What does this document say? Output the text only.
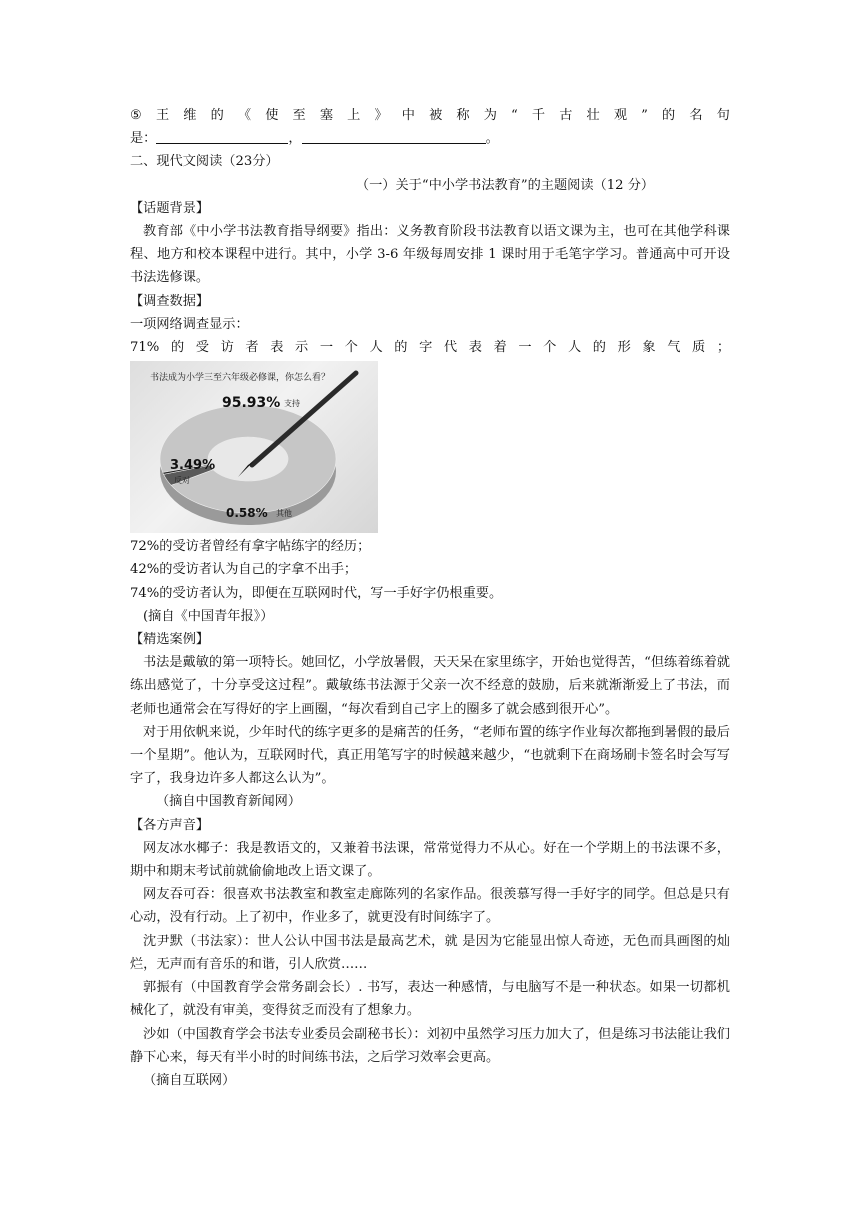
⑤ 王 维 的 《 使 至 塞 上 》 中 被 称 为 “ 千 古 壮 观 ” 的 名 句
是：	，	。
二、现代文阅读（23分）
（一）关于“中小学书法教育”的主题阅读（12 分）
【话题背景】
教育部《中小学书法教育指导纲要》指出：义务教育阶段书法教育以语文课为主，也可在其他学科课程、地方和校本课程中进行。其中，小学 3-6 年级每周安排 1 课时用于毛笔字学习。普通高中可开设书法选修课。
【调查数据】
一项网络调查显示：
71% 的 受 访 者 表 示 一 个 人 的 字 代 表 着 一 个 人 的 形 象 气 质 ；
书法成为小学三至六年级必修课，你怎么看？
95.93% 支持
3.49%
反对
0.58% 其他
72%的受访者曾经有拿字帖练字的经历；
42%的受访者认为自己的字拿不出手；
74%的受访者认为，即便在互联网时代，写一手好字仍根重要。
(摘自《中国青年报》）
【精选案例】
书法是戴敏的第一项特长。她回忆，小学放暑假，天天呆在家里练字，开始也觉得苦，“但练着练着就练出感觉了，十分享受这过程”。戴敏练书法源于父亲一次不经意的鼓励，后来就渐渐爱上了书法，而老师也通常会在写得好的字上画圈，“每次看到自己字上的圈多了就会感到很开心”。
对于用依帆来说，少年时代的练字更多的是痛苦的任务，“老师布置的练字作业每次都拖到暑假的最后一个星期”。他认为，互联网时代，真正用笔写字的时候越来越少，“也就剩下在商场刷卡签名时会写写字了，我身边许多人都这么认为”。
（摘自中国教育新闻网）
【各方声音】
网友冰水椰子：我是教语文的，又兼着书法课，常常觉得力不从心。好在一个学期上的书法课不多，期中和期末考试前就偷偷地改上语文课了。
网友吞可吞：很喜欢书法教室和教室走廊陈列的名家作品。很羡慕写得一手好字的同学。但总是只有心动，没有行动。上了初中，作业多了，就更没有时间练字了。
沈尹默（书法家）：世人公认中国书法是最高艺术，就 是因为它能显出惊人奇迹，无色而具画图的灿烂，无声而有音乐的和谐，引人欣赏……
郭振有（中国教育学会常务副会长）. 书写，表达一种感情，与电脑写不是一种状态。如果一切都机械化了，就没有审美，变得贫乏而没有了想象力。
沙如（中国教育学会书法专业委员会副秘书长）：刘初中虽然学习压力加大了，但是练习书法能让我们静下心来，每天有半小时的时间练书法，之后学习效率会更高。
（摘自互联网）
